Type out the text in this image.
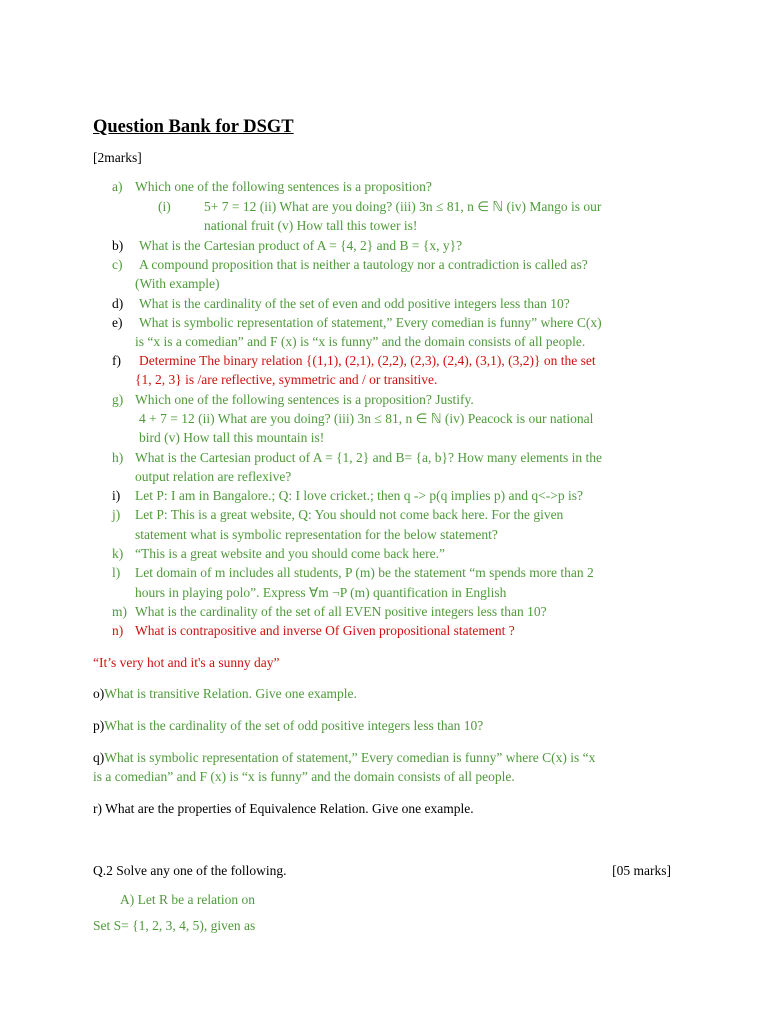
Question Bank for DSGT
[2marks]
a) Which one of the following sentences is a proposition?
(i) 5+ 7 = 12 (ii) What are you doing? (iii) 3n ≤ 81, n ∈ ℕ (iv) Mango is our
national fruit (v) How tall this tower is!
b) What is the Cartesian product of A = {4, 2} and B = {x, y}?
c) A compound proposition that is neither a tautology nor a contradiction is called as?
(With example)
d) What is the cardinality of the set of even and odd positive integers less than 10?
e) What is symbolic representation of statement,” Every comedian is funny” where C(x)
is “x is a comedian” and F (x) is “x is funny” and the domain consists of all people.
f) Determine The binary relation {(1,1), (2,1), (2,2), (2,3), (2,4), (3,1), (3,2)} on the set
{1, 2, 3} is /are reflective, symmetric and / or transitive.
g) Which one of the following sentences is a proposition? Justify.
4 + 7 = 12 (ii) What are you doing? (iii) 3n ≤ 81, n ∈ ℕ (iv) Peacock is our national
bird (v) How tall this mountain is!
h) What is the Cartesian product of A = {1, 2} and B= {a, b}? How many elements in the
output relation are reflexive?
i) Let P: I am in Bangalore.; Q: I love cricket.; then q -> p(q implies p) and q<->p is?
j) Let P: This is a great website, Q: You should not come back here. For the given
statement what is symbolic representation for the below statement?
k) “This is a great website and you should come back here.”
l) Let domain of m includes all students, P (m) be the statement “m spends more than 2
hours in playing polo”. Express ∀m ¬P (m) quantification in English
m) What is the cardinality of the set of all EVEN positive integers less than 10?
n) What is contrapositive and inverse Of Given propositional statement ?
“It’s very hot and it's a sunny day”
o)What is transitive Relation. Give one example.
p)What is the cardinality of the set of odd positive integers less than 10?
q)What is symbolic representation of statement,” Every comedian is funny” where C(x) is “x
is a comedian” and F (x) is “x is funny” and the domain consists of all people.
r) What are the properties of Equivalence Relation. Give one example.
Q.2 Solve any one of the following.	[05 marks]
A) Let R be a relation on
Set S= {1, 2, 3, 4, 5), given as
